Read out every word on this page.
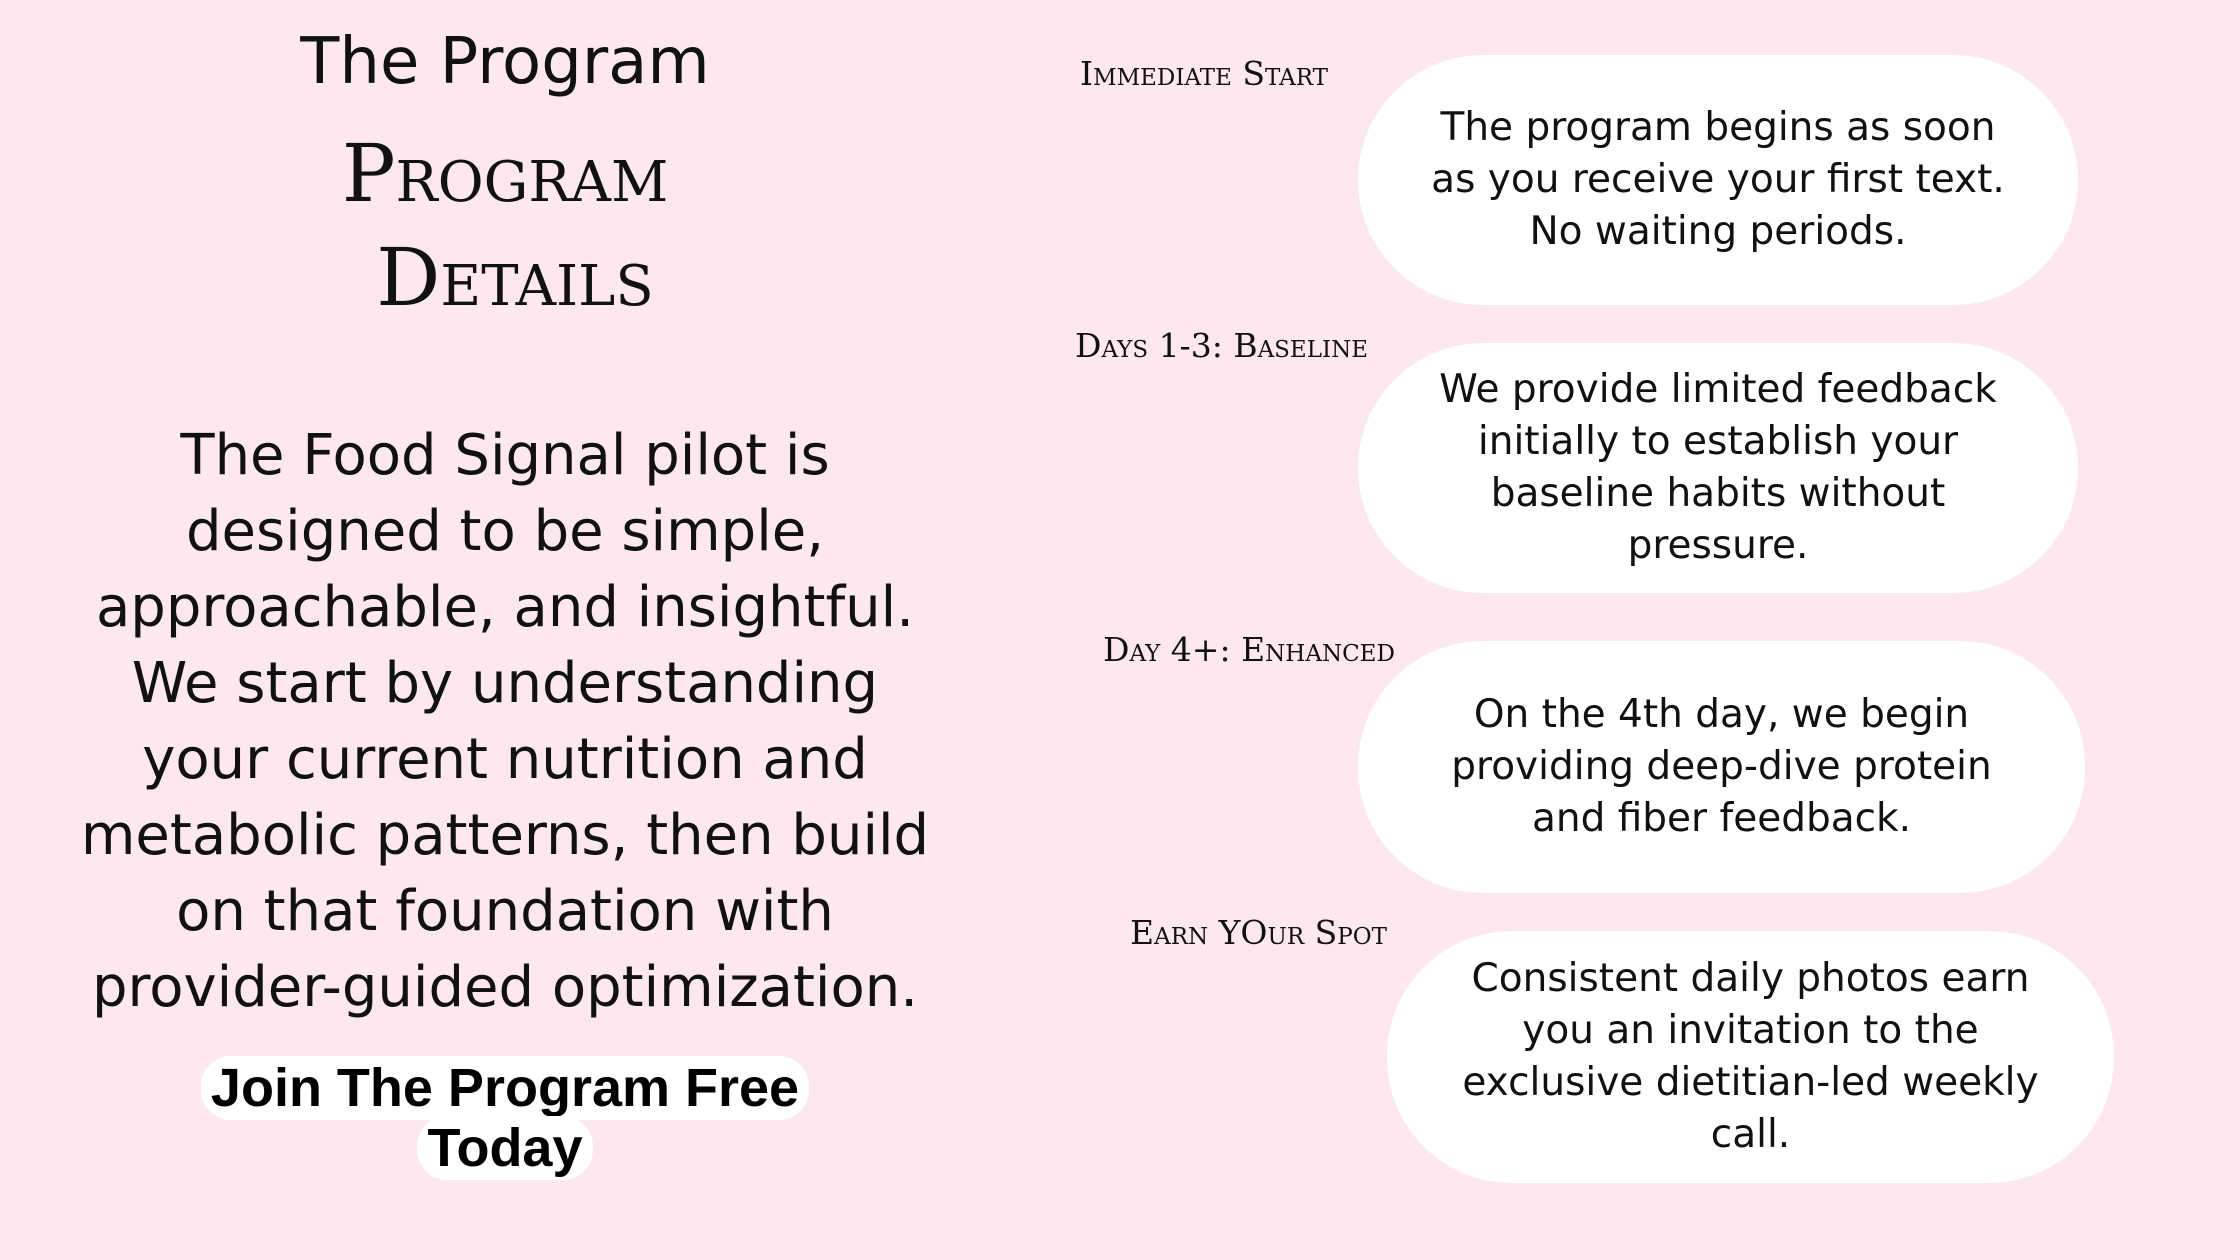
The Program
Program
Details
The Food Signal pilot is designed to be simple, approachable, and insightful. We start by understanding your current nutrition and metabolic patterns, then build on that foundation with provider-guided optimization.
Join The Program Free Today
Immediate Start

The program begins as soon as you receive your first text. No waiting periods.

Days 1-3: Baseline

We provide limited feedback initially to establish your baseline habits without pressure.

Day 4+: Enhanced

On the 4th day, we begin providing deep-dive protein and fiber feedback.

Earn YOur Spot

Consistent daily photos earn you an invitation to the exclusive dietitian-led weekly call.
